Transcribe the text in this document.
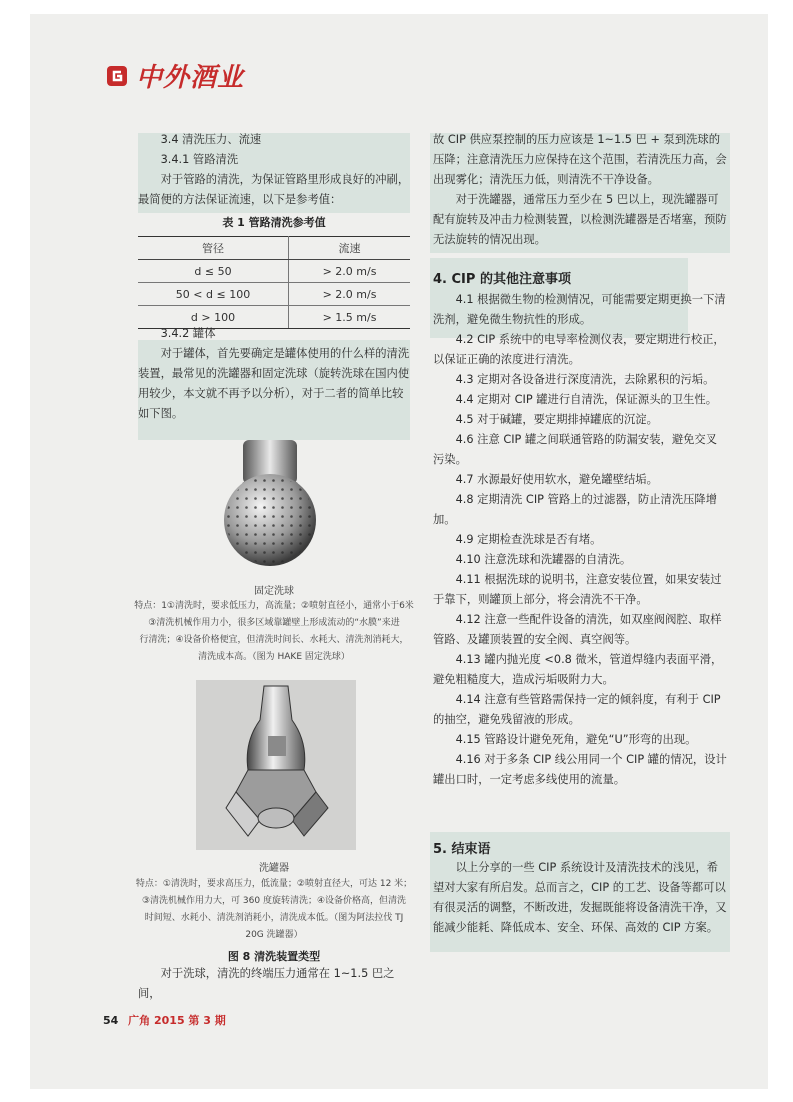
中外酒业

3.4 清洗压力、流速

3.4.1 管路清洗

对于管路的清洗，为保证管路里形成良好的冲刷，最简便的方法保证流速，以下是参考值：

表 1 管路清洗参考值
管径	流速
d ≤ 50	> 2.0 m/s
50 < d ≤ 100	> 2.0 m/s
d > 100	> 1.5 m/s

3.4.2 罐体

对于罐体，首先要确定是罐体使用的什么样的清洗装置，最常见的洗罐器和固定洗球（旋转洗球在国内使用较少，本文就不再予以分析），对于二者的简单比较如下图。

固定洗球
特点：1①清洗时，要求低压力，高流量；②喷射直径小，通常小于6米
③清洗机械作用力小，很多区域靠罐壁上形成流动的“水膜”来进
行清洗；④设备价格便宜，但清洗时间长、水耗大、清洗剂消耗大，
清洗成本高。（图为 HAKE 固定洗球）
洗罐器
特点：①清洗时，要求高压力，低流量；②喷射直径大，可达 12 米；
③清洗机械作用力大，可 360 度旋转清洗；④设备价格高，但清洗
时间短、水耗小、清洗剂消耗小，清洗成本低。（图为阿法拉伐 TJ
20G 洗罐器）
图 8 清洗装置类型

对于洗球，清洗的终端压力通常在 1~1.5 巴之间，

故 CIP 供应泵控制的压力应该是 1~1.5 巴 + 泵到洗球的压降；注意清洗压力应保持在这个范围，若清洗压力高，会出现雾化；清洗压力低，则清洗不干净设备。

对于洗罐器，通常压力至少在 5 巴以上，现洗罐器可配有旋转及冲击力检测装置，以检测洗罐器是否堵塞，预防无法旋转的情况出现。

4. CIP 的其他注意事项

4.1 根据微生物的检测情况，可能需要定期更换一下清洗剂，避免微生物抗性的形成。

4.2 CIP 系统中的电导率检测仪表，要定期进行校正，以保证正确的浓度进行清洗。

4.3 定期对各设备进行深度清洗，去除累积的污垢。

4.4 定期对 CIP 罐进行自清洗，保证源头的卫生性。

4.5 对于碱罐，要定期排掉罐底的沉淀。

4.6 注意 CIP 罐之间联通管路的防漏安装，避免交叉污染。

4.7 水源最好使用软水，避免罐壁结垢。

4.8 定期清洗 CIP 管路上的过滤器，防止清洗压降增加。

4.9 定期检查洗球是否有堵。

4.10 注意洗球和洗罐器的自清洗。

4.11 根据洗球的说明书，注意安装位置，如果安装过于靠下，则罐顶上部分，将会清洗不干净。

4.12 注意一些配件设备的清洗，如双座阀阀腔、取样管路、及罐顶装置的安全阀、真空阀等。

4.13 罐内抛光度 <0.8 微米，管道焊缝内表面平滑，避免粗糙度大，造成污垢吸附力大。

4.14 注意有些管路需保持一定的倾斜度，有利于 CIP 的抽空，避免残留液的形成。

4.15 管路设计避免死角，避免“U”形弯的出现。

4.16 对于多条 CIP 线公用同一个 CIP 罐的情况，设计罐出口时，一定考虑多线使用的流量。

5. 结束语

以上分享的一些 CIP 系统设计及清洗技术的浅见，希望对大家有所启发。总而言之，CIP 的工艺、设备等都可以有很灵活的调整，不断改进，发掘既能将设备清洗干净，又能减少能耗、降低成本、安全、环保、高效的 CIP 方案。

54 广角 2015 第 3 期
